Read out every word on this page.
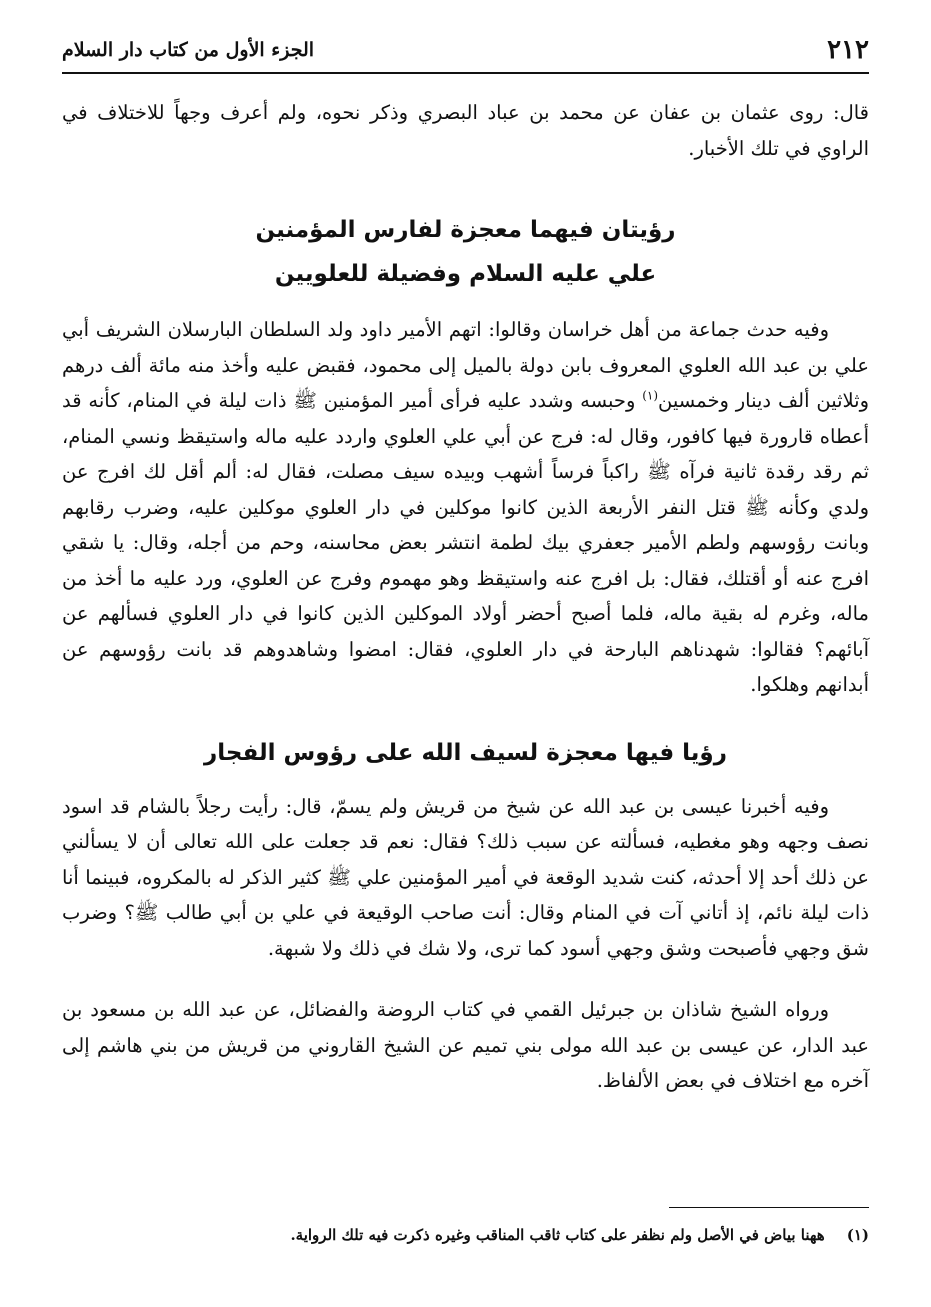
٢١٢
الجزء الأول من كتاب دار السلام

قال: روى عثمان بن عفان عن محمد بن عباد البصري وذكر نحوه، ولم أعرف وجهاً للاختلاف في الراوي في تلك الأخبار.

رؤيتان فيهما معجزة لفارس المؤمنين
علي عليه السلام وفضيلة للعلويين

وفيه حدث جماعة من أهل خراسان وقالوا: اتهم الأمير داود ولد السلطان البارسلان الشريف أبي علي بن عبد الله العلوي المعروف بابن دولة بالميل إلى محمود، فقبض عليه وأخذ منه مائة ألف درهم وثلاثين ألف دينار وخمسين$^{(١)}$ وحبسه وشدد عليه فرأى أمير المؤمنين ﷺ ذات ليلة في المنام، كأنه قد أعطاه قارورة فيها كافور، وقال له: فرج عن أبي علي العلوي واردد عليه ماله واستيقظ ونسي المنام، ثم رقد رقدة ثانية فرآه ﷺ راكباً فرساً أشهب وبيده سيف مصلت، فقال له: ألم أقل لك افرج عن ولدي وكأنه ﷺ قتل النفر الأربعة الذين كانوا موكلين في دار العلوي موكلين عليه، وضرب رقابهم وبانت رؤوسهم ولطم الأمير جعفري بيك لطمة انتشر بعض محاسنه، وحم من أجله، وقال: يا شقي افرج عنه أو أقتلك، فقال: بل افرج عنه واستيقظ وهو مهموم وفرج عن العلوي، ورد عليه ما أخذ من ماله، وغرم له بقية ماله، فلما أصبح أحضر أولاد الموكلين الذين كانوا في دار العلوي فسألهم عن آبائهم؟ فقالوا: شهدناهم البارحة في دار العلوي، فقال: امضوا وشاهدوهم قد بانت رؤوسهم عن أبدانهم وهلكوا.

رؤيا فيها معجزة لسيف الله على رؤوس الفجار

وفيه أخبرنا عيسى بن عبد الله عن شيخ من قريش ولم يسمّ، قال: رأيت رجلاً بالشام قد اسود نصف وجهه وهو مغطيه، فسألته عن سبب ذلك؟ فقال: نعم قد جعلت على الله تعالى أن لا يسألني عن ذلك أحد إلا أحدثه، كنت شديد الوقعة في أمير المؤمنين علي ﷺ كثير الذكر له بالمكروه، فبينما أنا ذات ليلة نائم، إذ أتاني آت في المنام وقال: أنت صاحب الوقيعة في علي بن أبي طالب ﷺ؟ وضرب شق وجهي فأصبحت وشق وجهي أسود كما ترى، ولا شك في ذلك ولا شبهة.

ورواه الشيخ شاذان بن جبرئيل القمي في كتاب الروضة والفضائل، عن عبد الله بن مسعود بن عبد الدار، عن عيسى بن عبد الله مولى بني تميم عن الشيخ القاروني من قريش من بني هاشم إلى آخره مع اختلاف في بعض الألفاظ.

(١)ههنا بياض في الأصل ولم نظفر على كتاب ثاقب المناقب وغيره ذكرت فيه تلك الرواية.
